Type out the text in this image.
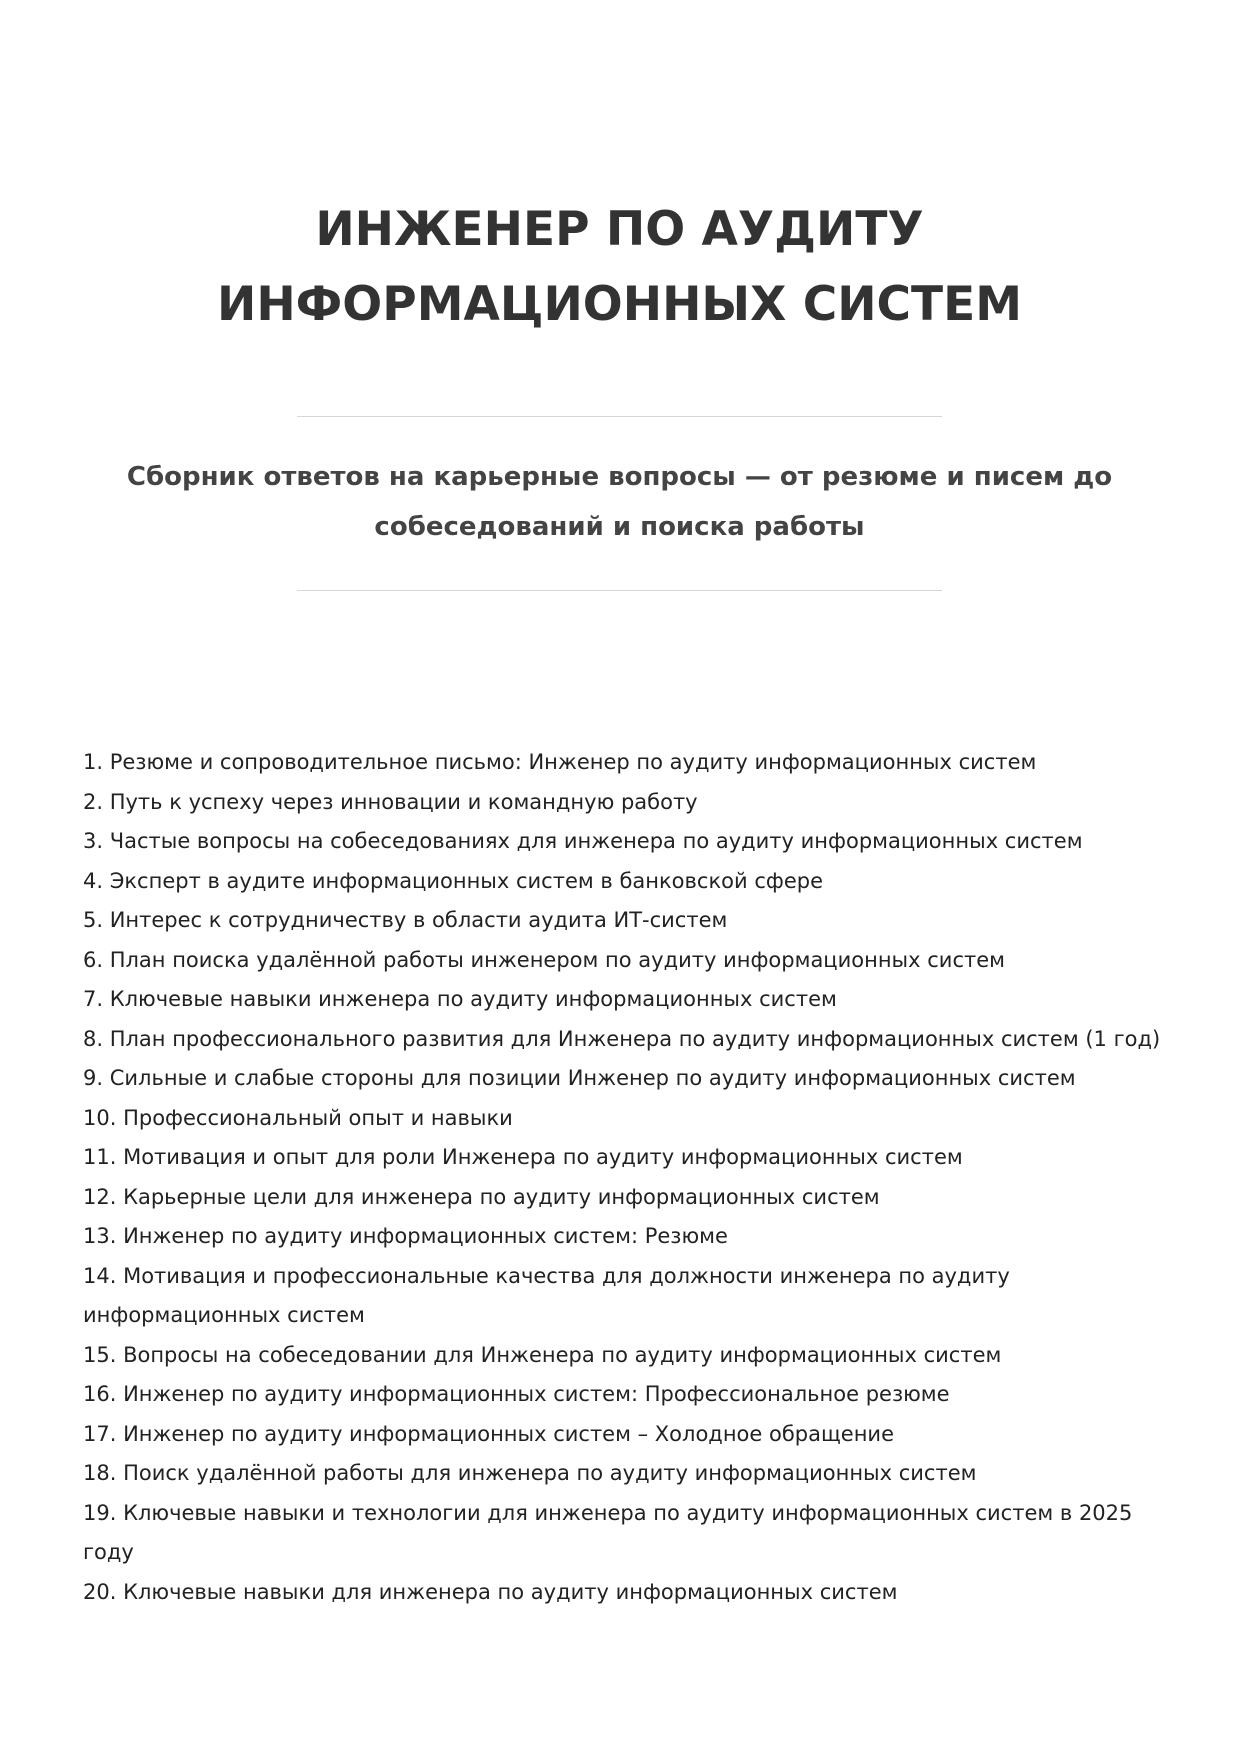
ИНЖЕНЕР ПО АУДИТУ
ИНФОРМАЦИОННЫХ СИСТЕМ

Сборник ответов на карьерные вопросы — от резюме и писем до
собеседований и поиска работы

1. Резюме и сопроводительное письмо: Инженер по аудиту информационных систем
2. Путь к успеху через инновации и командную работу
3. Частые вопросы на собеседованиях для инженера по аудиту информационных систем
4. Эксперт в аудите информационных систем в банковской сфере
5. Интерес к сотрудничеству в области аудита ИТ-систем
6. План поиска удалённой работы инженером по аудиту информационных систем
7. Ключевые навыки инженера по аудиту информационных систем
8. План профессионального развития для Инженера по аудиту информационных систем (1 год)
9. Сильные и слабые стороны для позиции Инженер по аудиту информационных систем
10. Профессиональный опыт и навыки
11. Мотивация и опыт для роли Инженера по аудиту информационных систем
12. Карьерные цели для инженера по аудиту информационных систем
13. Инженер по аудиту информационных систем: Резюме
14. Мотивация и профессиональные качества для должности инженера по аудиту информационных систем
15. Вопросы на собеседовании для Инженера по аудиту информационных систем
16. Инженер по аудиту информационных систем: Профессиональное резюме
17. Инженер по аудиту информационных систем – Холодное обращение
18. Поиск удалённой работы для инженера по аудиту информационных систем
19. Ключевые навыки и технологии для инженера по аудиту информационных систем в 2025 году
20. Ключевые навыки для инженера по аудиту информационных систем
